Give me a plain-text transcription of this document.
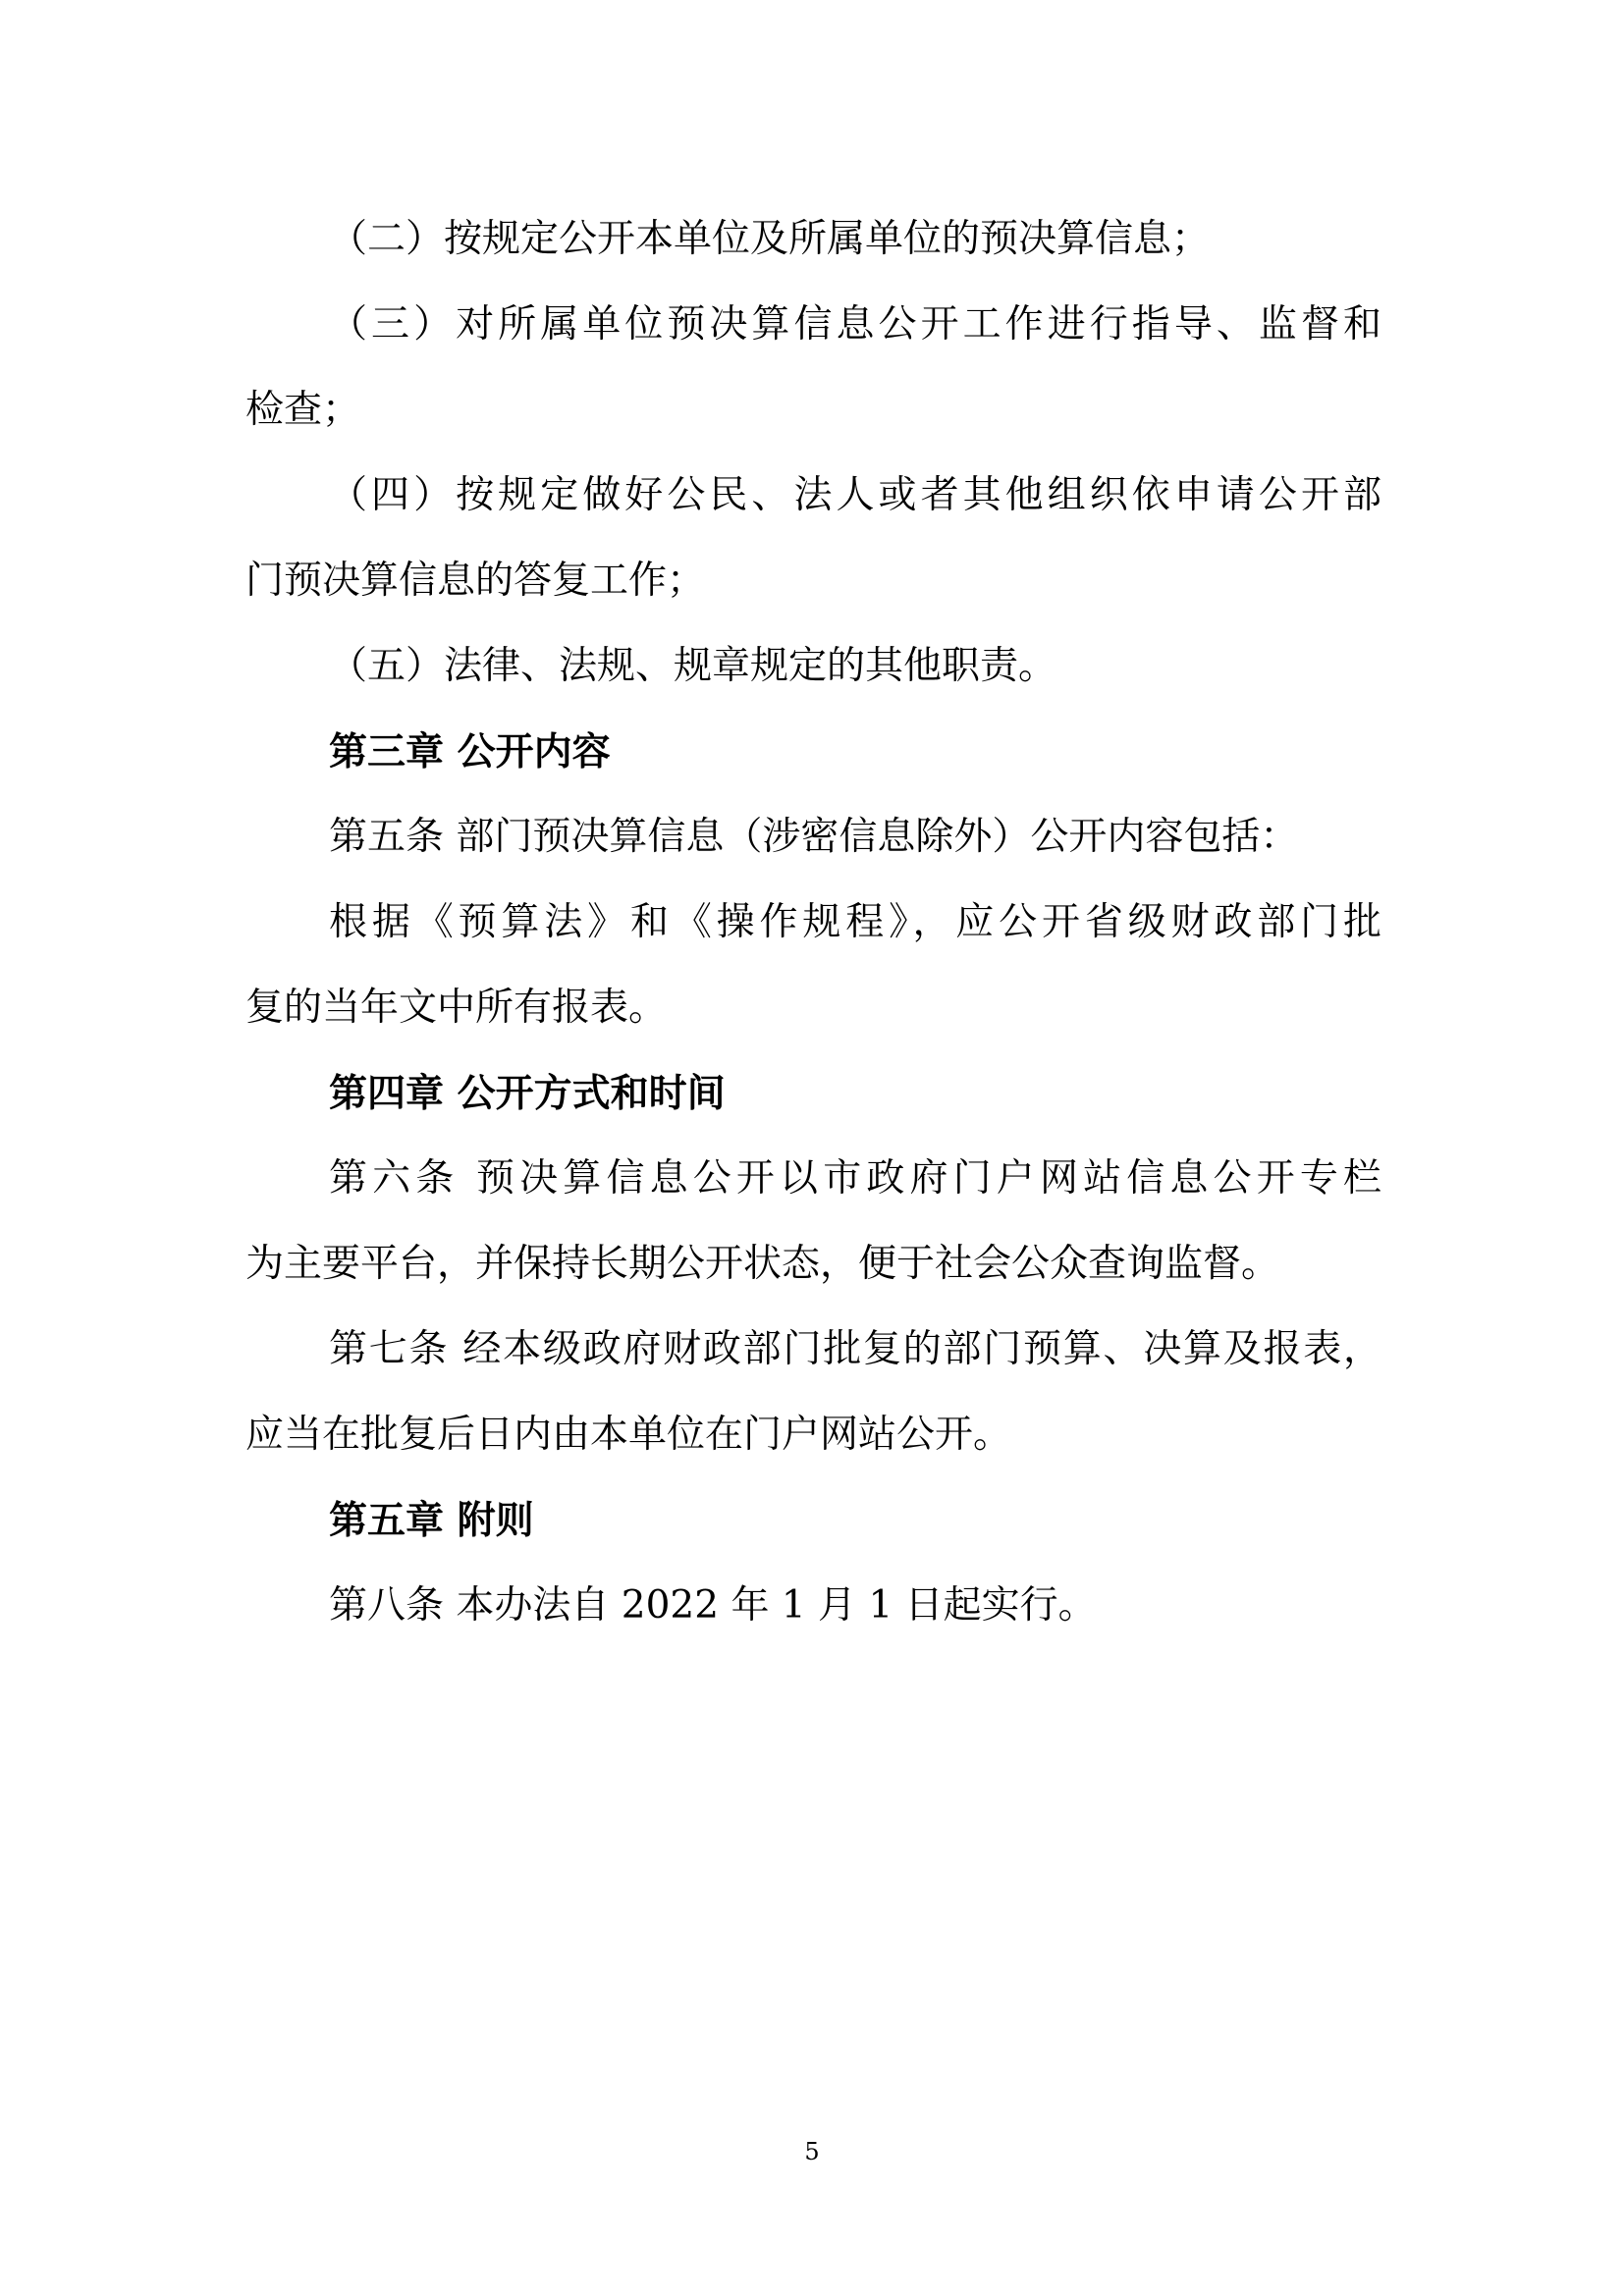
（二）按规定公开本单位及所属单位的预决算信息；

（三）对所属单位预决算信息公开工作进行指导、监督和

检查；

（四）按规定做好公民、法人或者其他组织依申请公开部

门预决算信息的答复工作；

（五）法律、法规、规章规定的其他职责。

第三章 公开内容

第五条 部门预决算信息（涉密信息除外）公开内容包括：

根据《预算法》和《操作规程》，应公开省级财政部门批

复的当年文中所有报表。

第四章 公开方式和时间

第六条 预决算信息公开以市政府门户网站信息公开专栏

为主要平台，并保持长期公开状态，便于社会公众查询监督。

第七条 经本级政府财政部门批复的部门预算、决算及报表，

应当在批复后日内由本单位在门户网站公开。

第五章 附则

第八条 本办法自 2022 年 1 月 1 日起实行。

5
